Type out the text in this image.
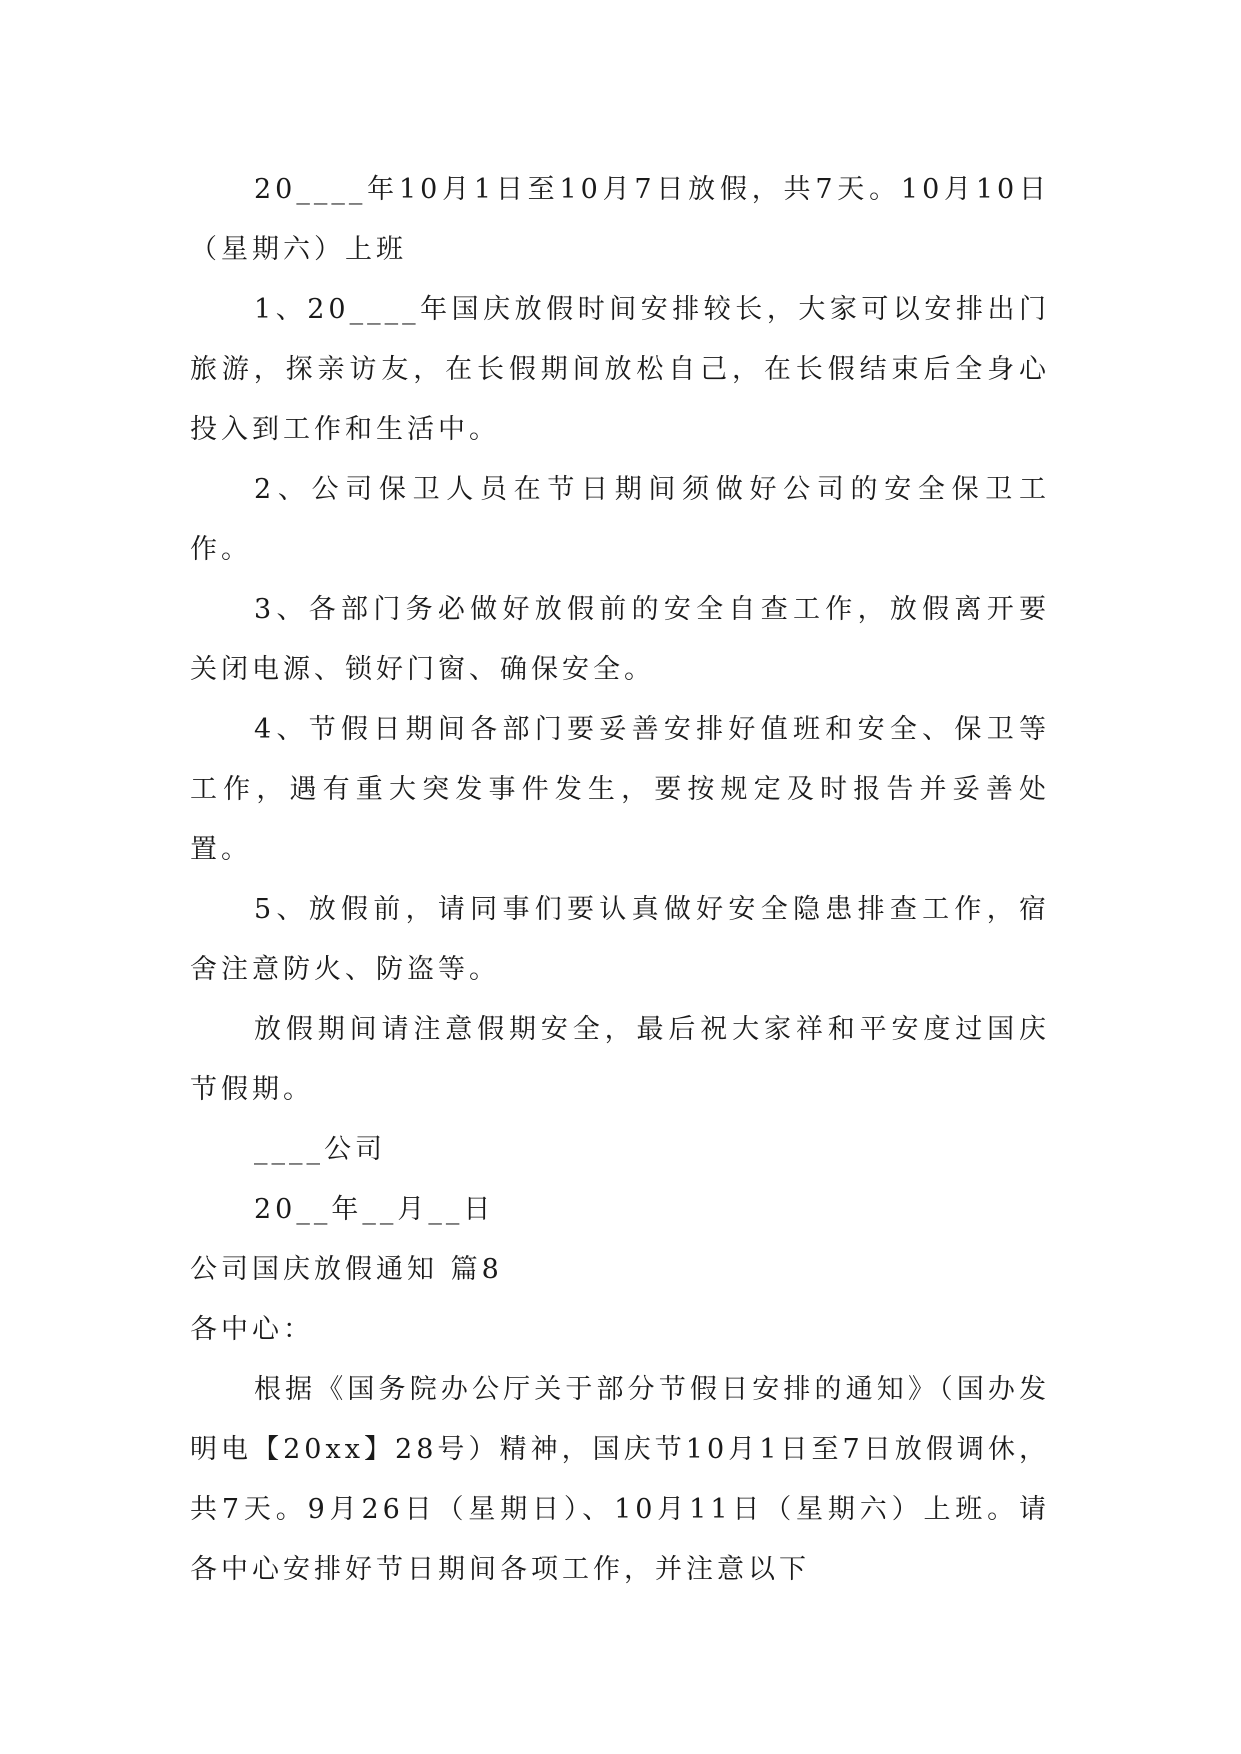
20____年10月1日至10月7日放假，共7天。10月10日（星期六）上班

1、20____年国庆放假时间安排较长，大家可以安排出门旅游，探亲访友，在长假期间放松自己，在长假结束后全身心投入到工作和生活中。

2、公司保卫人员在节日期间须做好公司的安全保卫工作。

3、各部门务必做好放假前的安全自查工作，放假离开要关闭电源、锁好门窗、确保安全。

4、节假日期间各部门要妥善安排好值班和安全、保卫等工作，遇有重大突发事件发生，要按规定及时报告并妥善处置。

5、放假前，请同事们要认真做好安全隐患排查工作，宿舍注意防火、防盗等。

放假期间请注意假期安全，最后祝大家祥和平安度过国庆节假期。

____公司

20__年__月__日

公司国庆放假通知 篇8

各中心：

根据《国务院办公厅关于部分节假日安排的通知》（国办发明电【20xx】28号）精神，国庆节10月1日至7日放假调休，共7天。9月26日（星期日）、10月11日（星期六）上班。请各中心安排好节日期间各项工作，并注意以下
